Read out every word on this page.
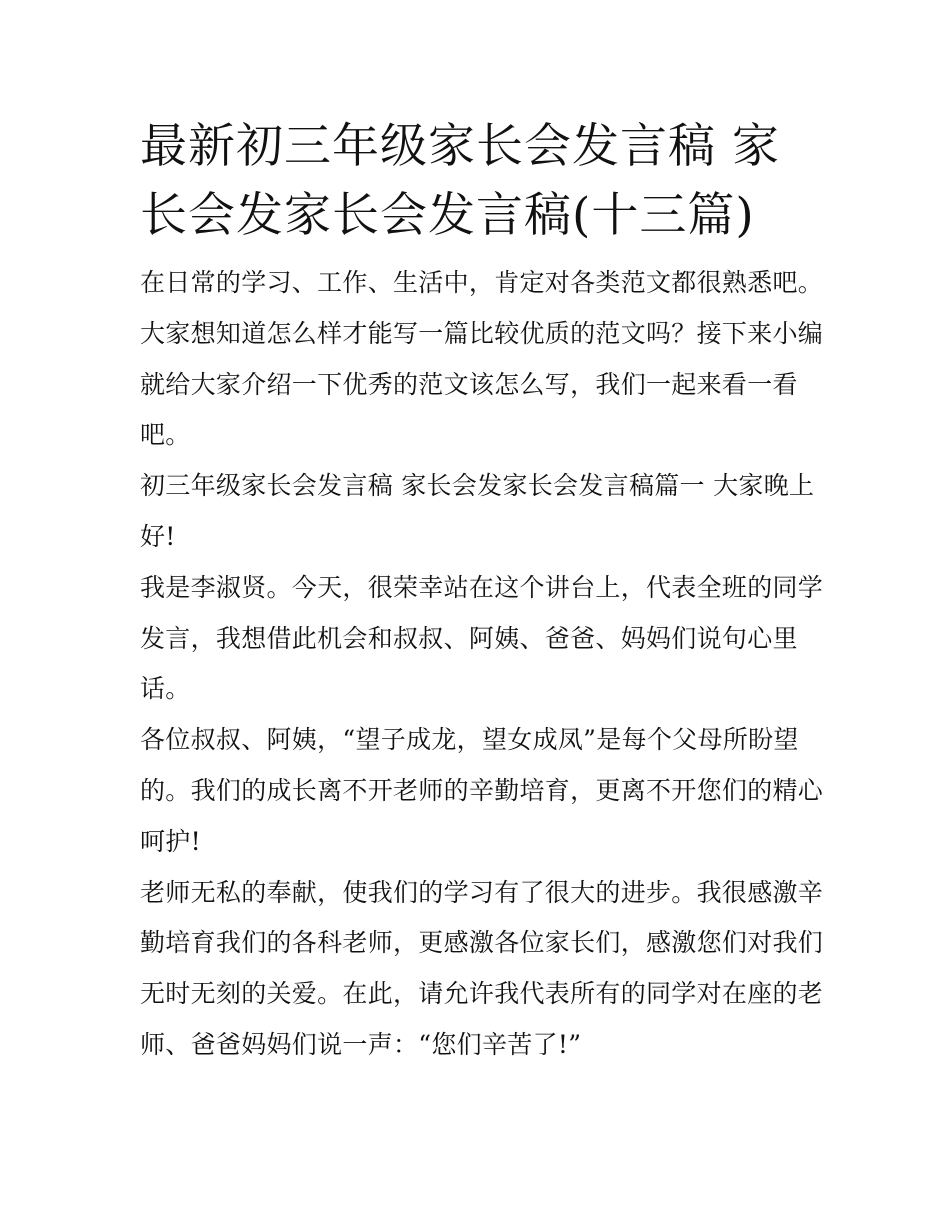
最新初三年级家长会发言稿 家
长会发家长会发言稿(十三篇)

在日常的学习、工作、生活中，肯定对各类范文都很熟悉吧。
大家想知道怎么样才能写一篇比较优质的范文吗？接下来小编
就给大家介绍一下优秀的范文该怎么写，我们一起来看一看
吧。

初三年级家长会发言稿 家长会发家长会发言稿篇一 大家晚上
好!

我是李淑贤。今天，很荣幸站在这个讲台上，代表全班的同学
发言，我想借此机会和叔叔、阿姨、爸爸、妈妈们说句心里
话。

各位叔叔、阿姨，“望子成龙，望女成凤”是每个父母所盼望
的。我们的成长离不开老师的辛勤培育，更离不开您们的精心
呵护!

老师无私的奉献，使我们的学习有了很大的进步。我很感激辛
勤培育我们的各科老师，更感激各位家长们，感激您们对我们
无时无刻的关爱。在此，请允许我代表所有的同学对在座的老
师、爸爸妈妈们说一声：“您们辛苦了!”
